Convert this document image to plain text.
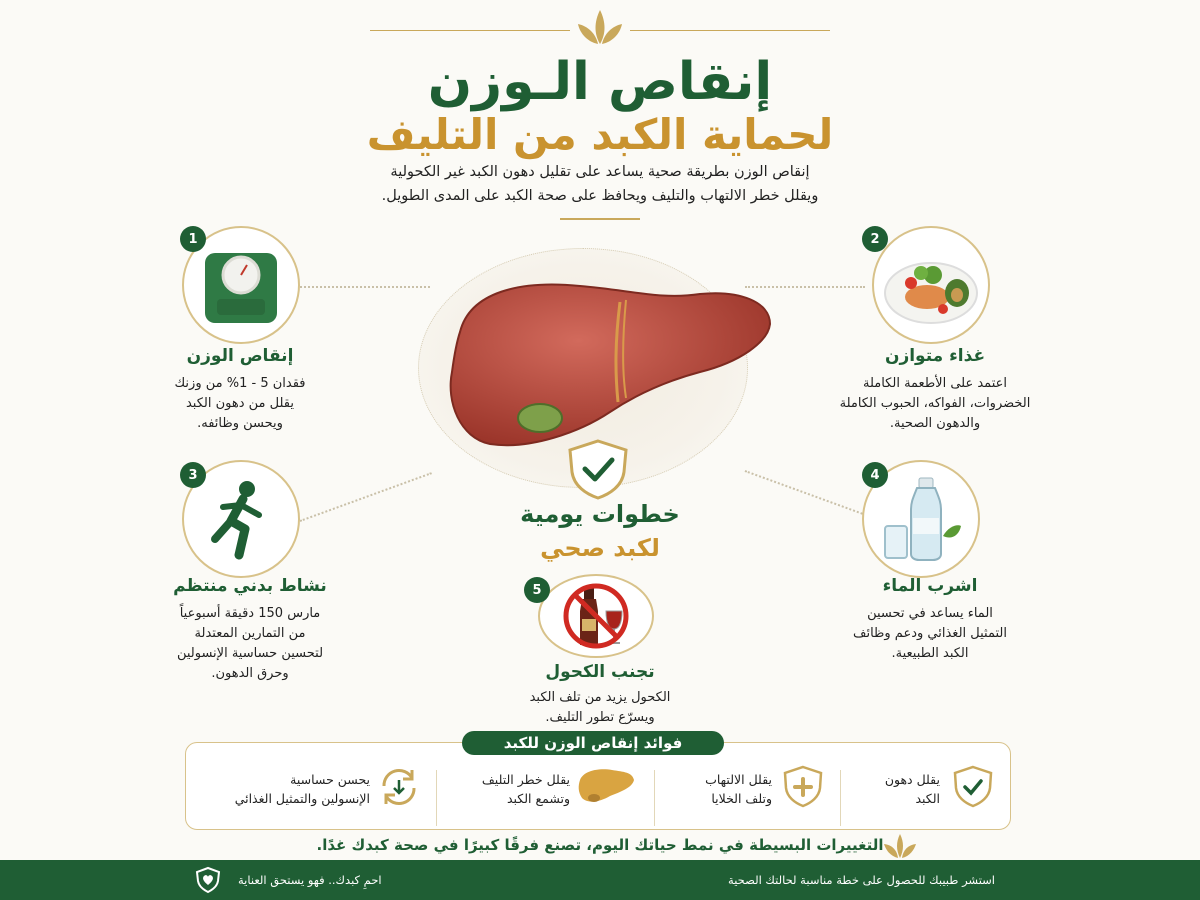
إنقاص الـوزن
لحماية الكبد من التليف
إنقاص الوزن بطريقة صحية يساعد على تقليل دهون الكبد غير الكحولية
ويقلل خطر الالتهاب والتليف ويحافظ على صحة الكبد على المدى الطويل.
خطوات يومية
لكبد صحي
1
إنقاص الوزن
فقدان 5 - 1% من وزنك
يقلل من دهون الكبد
ويحسن وظائفه.
2
غذاء متوازن
اعتمد على الأطعمة الكاملة
الخضروات، الفواكه، الحبوب الكاملة
والدهون الصحية.
3
نشاط بدني منتظم
مارس 150 دقيقة أسبوعياً
من التمارين المعتدلة
لتحسين حساسية الإنسولين
وحرق الدهون.
4
اشرب الماء
الماء يساعد في تحسين
التمثيل الغذائي ودعم وظائف
الكبد الطبيعية.
5
تجنب الكحول
الكحول يزيد من تلف الكبد
ويسرّع تطور التليف.
فوائد إنقاص الوزن للكبد
يقلل دهون
الكبد
يقلل الالتهاب
وتلف الخلايا
يقلل خطر التليف
وتشمع الكبد
يحسن حساسية
الإنسولين والتمثيل الغذائي
التغييرات البسيطة في نمط حياتك اليوم، تصنع فرقًا كبيرًا في صحة كبدك غدًا.
استشر طبيبك للحصول على خطة مناسبة لحالتك الصحية
احمِ كبدك.. فهو يستحق العناية
